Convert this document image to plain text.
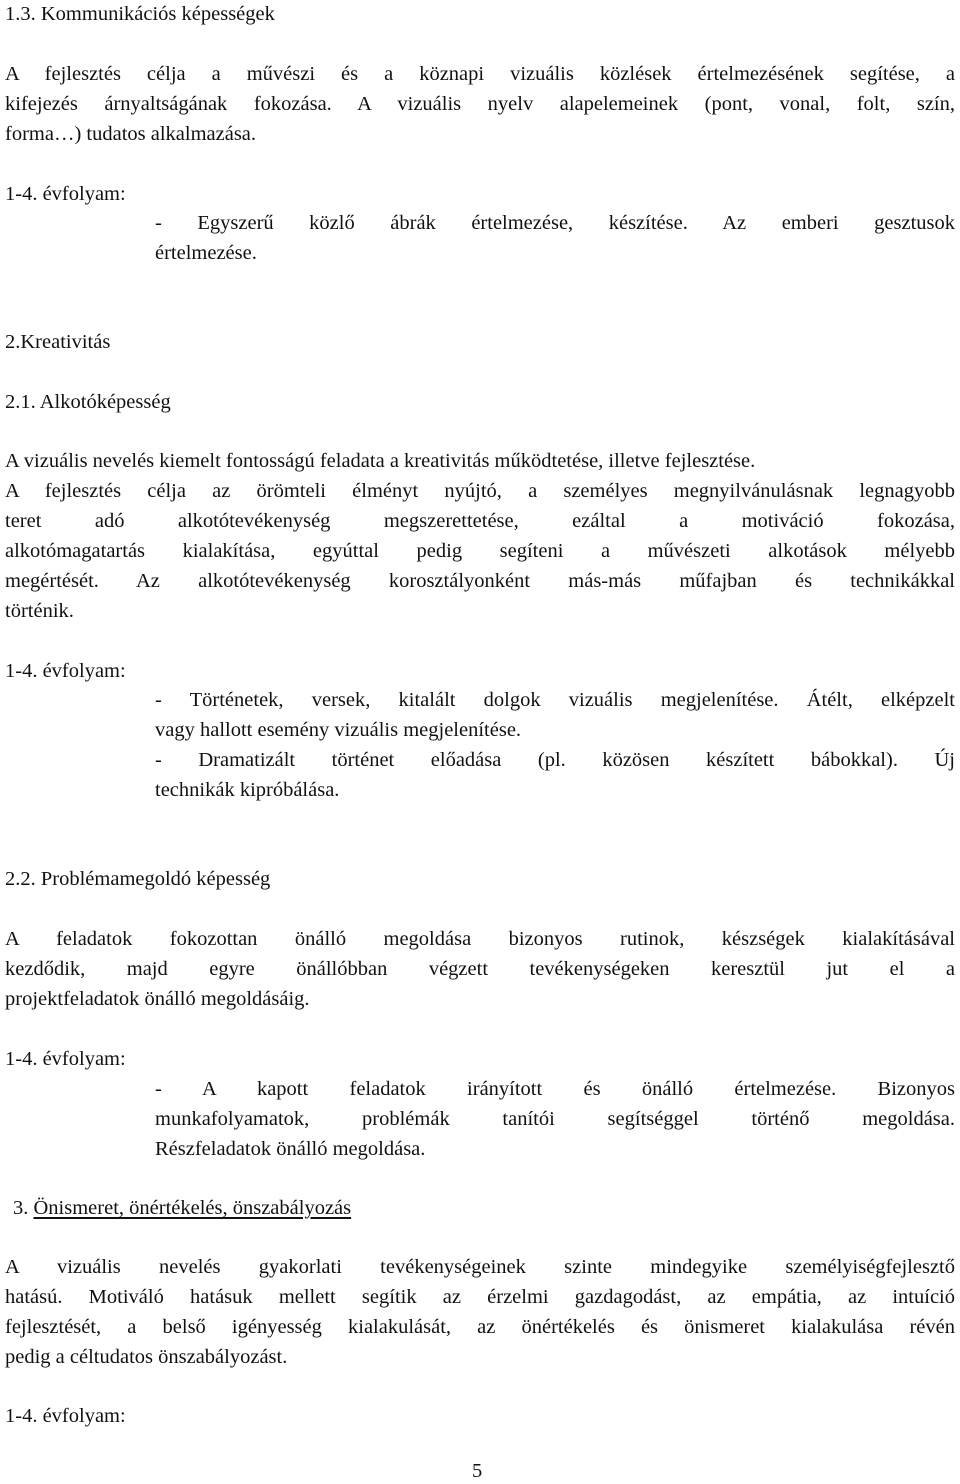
1.3. Kommunikációs képességek
A fejlesztés célja a művészi és a köznapi vizuális közlések értelmezésének segítése, a
kifejezés árnyaltságának fokozása. A vizuális nyelv alapelemeinek (pont, vonal, folt, szín,
forma…) tudatos alkalmazása.
1-4. évfolyam:
- Egyszerű közlő ábrák értelmezése, készítése. Az emberi gesztusok
értelmezése.
2.Kreativitás
2.1. Alkotóképesség
A vizuális nevelés kiemelt fontosságú feladata a kreativitás működtetése, illetve fejlesztése.
A fejlesztés célja az örömteli élményt nyújtó, a személyes megnyilvánulásnak legnagyobb
teret adó alkotótevékenység megszerettetése, ezáltal a motiváció fokozása,
alkotómagatartás kialakítása, egyúttal pedig segíteni a művészeti alkotások mélyebb
megértését. Az alkotótevékenység korosztályonként más-más műfajban és technikákkal
történik.
1-4. évfolyam:
- Történetek, versek, kitalált dolgok vizuális megjelenítése. Átélt, elképzelt
vagy hallott esemény vizuális megjelenítése.
- Dramatizált történet előadása (pl. közösen készített bábokkal). Új
technikák kipróbálása.
2.2. Problémamegoldó képesség
A feladatok fokozottan önálló megoldása bizonyos rutinok, készségek kialakításával
kezdődik, majd egyre önállóbban végzett tevékenységeken keresztül jut el a
projektfeladatok önálló megoldásáig.
1-4. évfolyam:
- A kapott feladatok irányított és önálló értelmezése. Bizonyos
munkafolyamatok, problémák tanítói segítséggel történő megoldása.
Részfeladatok önálló megoldása.
3. Önismeret, önértékelés, önszabályozás
A vizuális nevelés gyakorlati tevékenységeinek szinte mindegyike személyiségfejlesztő
hatású. Motiváló hatásuk mellett segítik az érzelmi gazdagodást, az empátia, az intuíció
fejlesztését, a belső igényesség kialakulását, az önértékelés és önismeret kialakulása révén
pedig a céltudatos önszabályozást.
1-4. évfolyam:
5
